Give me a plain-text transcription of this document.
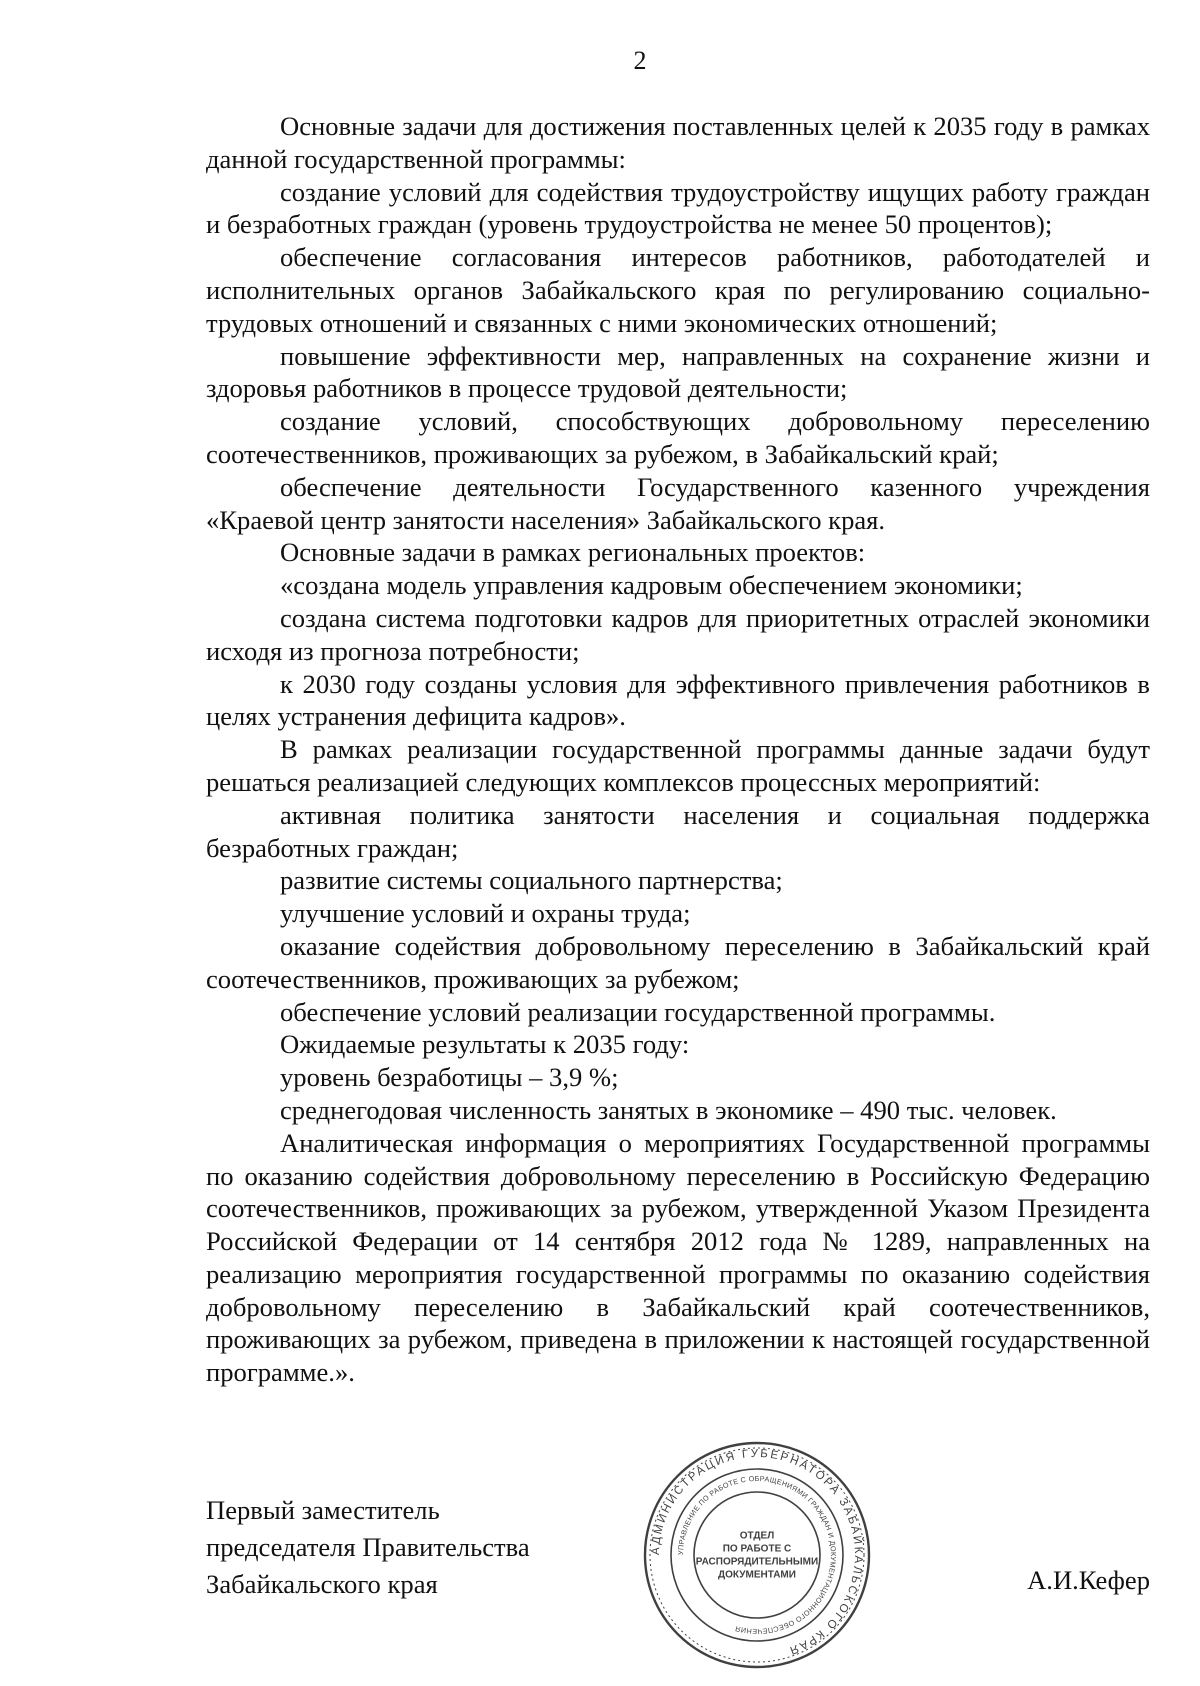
2

Основные задачи для достижения поставленных целей к 2035 году в рамках данной государственной программы:

создание условий для содействия трудоустройству ищущих работу граждан и безработных граждан (уровень трудоустройства не менее 50 процентов);

обеспечение согласования интересов работников, работодателей и исполнительных органов Забайкальского края по регулированию социально-трудовых отношений и связанных с ними экономических отношений;

повышение эффективности мер, направленных на сохранение жизни и здоровья работников в процессе трудовой деятельности;

создание условий, способствующих добровольному переселению соотечественников, проживающих за рубежом, в Забайкальский край;

обеспечение деятельности Государственного казенного учреждения «Краевой центр занятости населения» Забайкальского края.

Основные задачи в рамках региональных проектов:

«создана модель управления кадровым обеспечением экономики;

создана система подготовки кадров для приоритетных отраслей экономики исходя из прогноза потребности;

к 2030 году созданы условия для эффективного привлечения работников в целях устранения дефицита кадров».

В рамках реализации государственной программы данные задачи будут решаться реализацией следующих комплексов процессных мероприятий:

активная политика занятости населения и социальная поддержка безработных граждан;

развитие системы социального партнерства;

улучшение условий и охраны труда;

оказание содействия добровольному переселению в Забайкальский край соотечественников, проживающих за рубежом;

обеспечение условий реализации государственной программы.

Ожидаемые результаты к 2035 году:

уровень безработицы – 3,9 %;

среднегодовая численность занятых в экономике – 490 тыс. человек.

Аналитическая информация о мероприятиях Государственной программы по оказанию содействия добровольному переселению в Российскую Федерацию соотечественников, проживающих за рубежом, утвержденной Указом Президента Российской Федерации от 14 сентября 2012 года № 1289, направленных на реализацию мероприятия государственной программы по оказанию содействия добровольному переселению в Забайкальский край соотечественников, проживающих за рубежом, приведена в приложении к настоящей государственной программе.».

Первый заместитель
председателя Правительства
Забайкальского края	А.И.Кефер
АДМИНИСТРАЦИЯ ГУБЕРНАТОРА ЗАБАЙКАЛЬСКОГО КРАЯ
УПРАВЛЕНИЕ ПО РАБОТЕ С ОБРАЩЕНИЯМИ ГРАЖДАН И ДОКУМЕНТАЦИОННОГО ОБЕСПЕЧЕНИЯ
ОТДЕЛ
ПО РАБОТЕ С
РАСПОРЯДИТЕЛЬНЫМИ
ДОКУМЕНТАМИ
